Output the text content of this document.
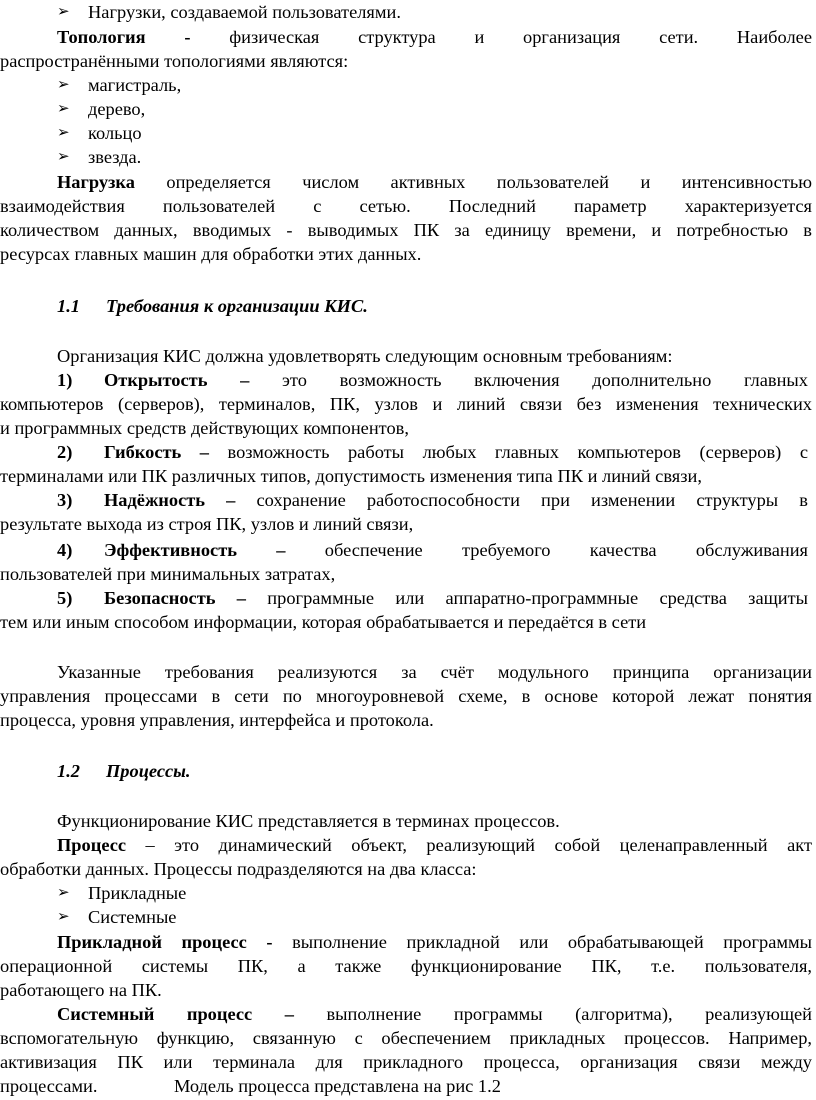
➢ Нагрузки, создаваемой пользователями.
Топология - физическая структура и организация сети. Наиболее
распространёнными топологиями являются:
➢ магистраль,
➢ дерево,
➢ кольцо
➢ звезда.
Нагрузка определяется числом активных пользователей и интенсивностью
взаимодействия пользователей с сетью. Последний параметр характеризуется
количеством данных, вводимых - выводимых ПК за единицу времени, и потребностью в
ресурсах главных машин для обработки этих данных.
1.1 Требования к организации КИС.
Организация КИС должна удовлетворять следующим основным требованиям:
1) Открытость – это возможность включения дополнительно главных
компьютеров (серверов), терминалов, ПК, узлов и линий связи без изменения технических
и программных средств действующих компонентов,
2) Гибкость – возможность работы любых главных компьютеров (серверов) с
терминалами или ПК различных типов, допустимость изменения типа ПК и линий связи,
3) Надёжность – сохранение работоспособности при изменении структуры в
результате выхода из строя ПК, узлов и линий связи,
4) Эффективность – обеспечение требуемого качества обслуживания
пользователей при минимальных затратах,
5) Безопасность – программные или аппаратно-программные средства защиты
тем или иным способом информации, которая обрабатывается и передаётся в сети
Указанные требования реализуются за счёт модульного принципа организации
управления процессами в сети по многоуровневой схеме, в основе которой лежат понятия
процесса, уровня управления, интерфейса и протокола.
1.2 Процессы.
Функционирование КИС представляется в терминах процессов.
Процесс – это динамический объект, реализующий собой целенаправленный акт
обработки данных. Процессы подразделяются на два класса:
➢ Прикладные
➢ Системные
Прикладной процесс - выполнение прикладной или обрабатывающей программы
операционной системы ПК, а также функционирование ПК, т.е. пользователя,
работающего на ПК.
Системный процесс – выполнение программы (алгоритма), реализующей
вспомогательную функцию, связанную с обеспечением прикладных процессов. Например,
активизация ПК или терминала для прикладного процесса, организация связи между
процессами.	Модель процесса представлена на рис 1.2
